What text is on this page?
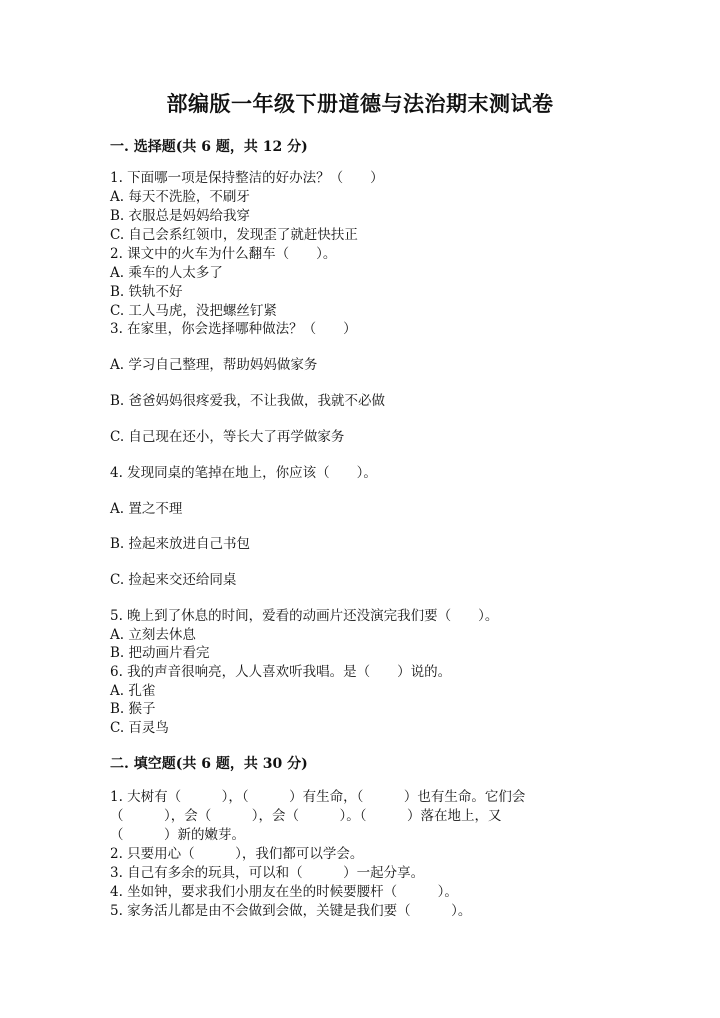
部编版一年级下册道德与法治期末测试卷
一. 选择题(共 6 题，共 12 分)
1. 下面哪一项是保持整洁的好办法？（　　）
A. 每天不洗脸，不刷牙
B. 衣服总是妈妈给我穿
C. 自己会系红领巾，发现歪了就赶快扶正
2. 课文中的火车为什么翻车（　　）。
A. 乘车的人太多了
B. 铁轨不好
C. 工人马虎，没把螺丝钉紧
3. 在家里，你会选择哪种做法？（　　）
A. 学习自己整理，帮助妈妈做家务
B. 爸爸妈妈很疼爱我，不让我做，我就不必做
C. 自己现在还小，等长大了再学做家务
4. 发现同桌的笔掉在地上，你应该（　　）。
A. 置之不理
B. 捡起来放进自己书包
C. 捡起来交还给同桌
5. 晚上到了休息的时间，爱看的动画片还没演完我们要（　　）。
A. 立刻去休息
B. 把动画片看完
6. 我的声音很响亮，人人喜欢听我唱。是（　　）说的。
A. 孔雀
B. 猴子
C. 百灵鸟
二. 填空题(共 6 题，共 30 分)
1. 大树有（　　　），（　　　）有生命，（　　　）也有生命。它们会
（　　　），会（　　　），会（　　　）。（　　　）落在地上，又
（　　　）新的嫩芽。
2. 只要用心（　　　），我们都可以学会。
3. 自己有多余的玩具，可以和（　　　）一起分享。
4. 坐如钟，要求我们小朋友在坐的时候要腰杆（　　　）。
5. 家务活儿都是由不会做到会做，关键是我们要（　　　）。
